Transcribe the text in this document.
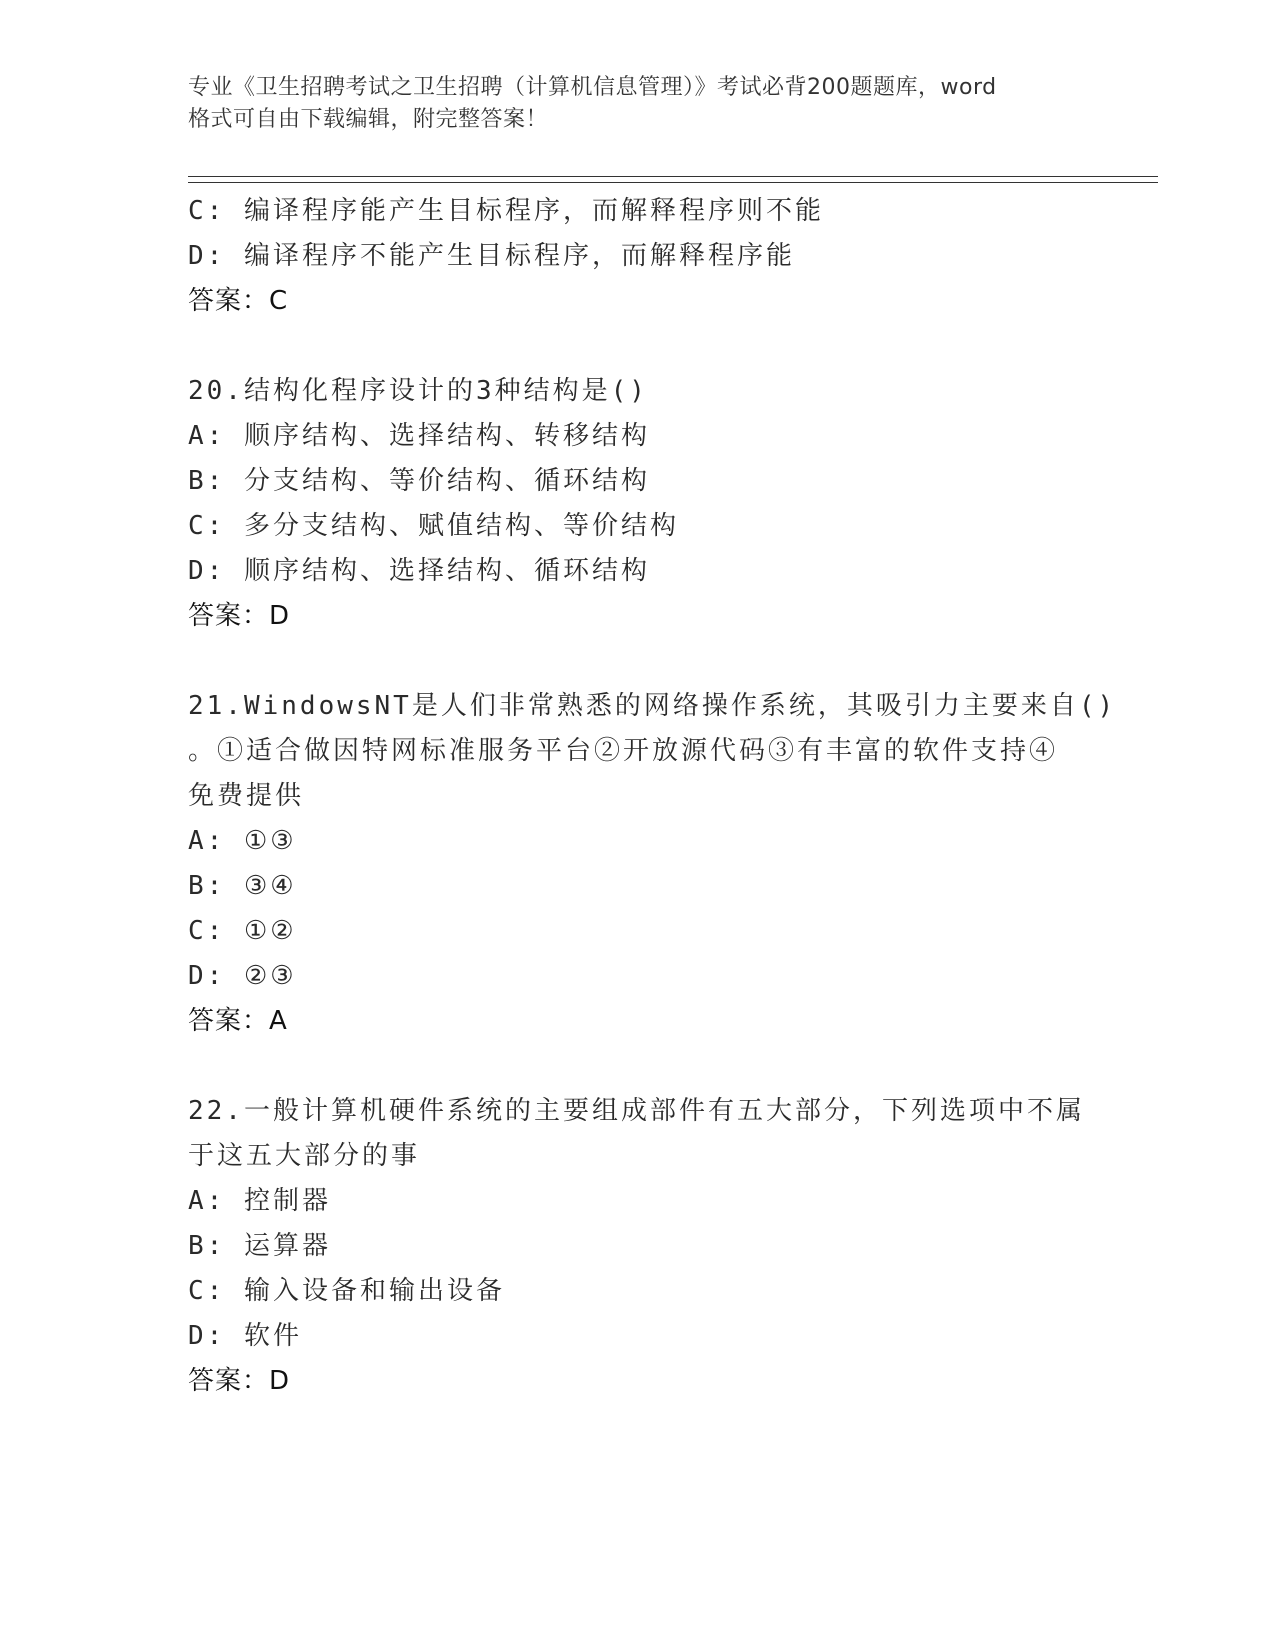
专业《卫生招聘考试之卫生招聘（计算机信息管理）》考试必背200题题库，word
格式可自由下载编辑，附完整答案！
C: 编译程序能产生目标程序，而解释程序则不能
D: 编译程序不能产生目标程序，而解释程序能
答案：C
20.结构化程序设计的3种结构是()
A: 顺序结构、选择结构、转移结构
B: 分支结构、等价结构、循环结构
C: 多分支结构、赋值结构、等价结构
D: 顺序结构、选择结构、循环结构
答案：D
21.WindowsNT是人们非常熟悉的网络操作系统，其吸引力主要来自()
。①适合做因特网标准服务平台②开放源代码③有丰富的软件支持④
免费提供
A: ①③
B: ③④
C: ①②
D: ②③
答案：A
22.一般计算机硬件系统的主要组成部件有五大部分，下列选项中不属
于这五大部分的事
A: 控制器
B: 运算器
C: 输入设备和输出设备
D: 软件
答案：D
